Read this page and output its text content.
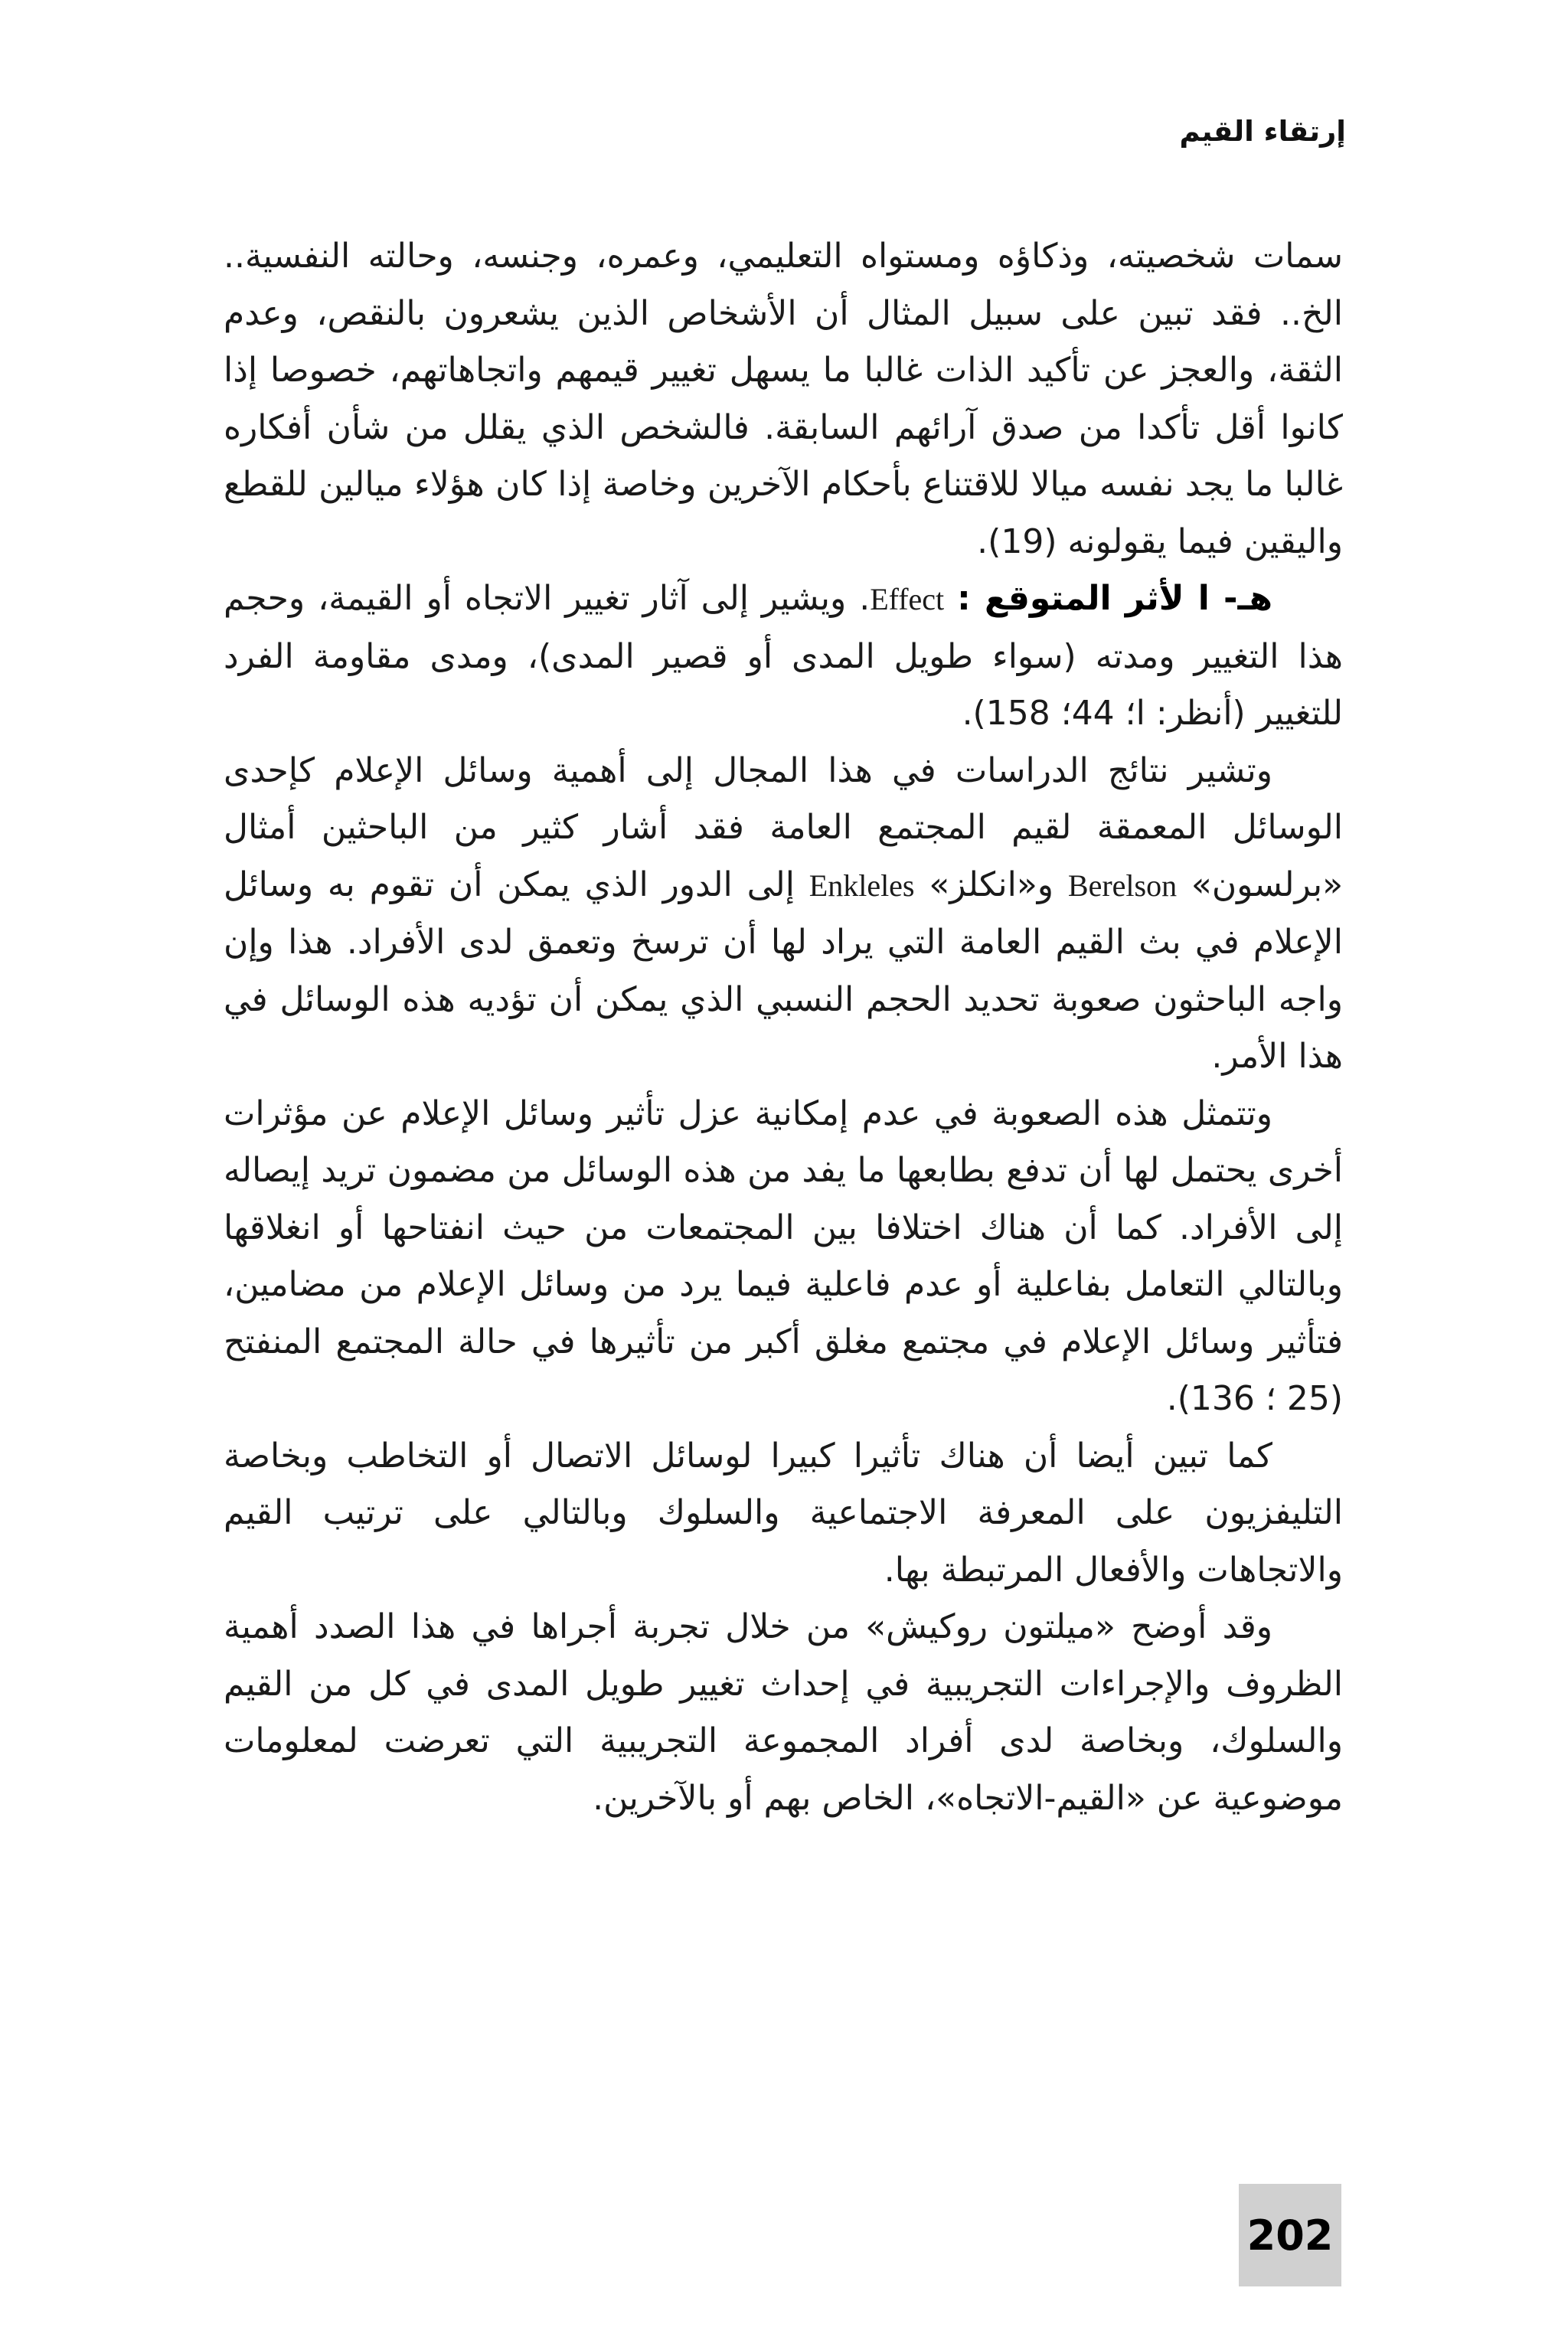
إرتقاء القيم

سمات شخصيته، وذكاؤه ومستواه التعليمي، وعمره، وجنسه، وحالته النفسية.. الخ.. فقد تبين على سبيل المثال أن الأشخاص الذين يشعرون بالنقص، وعدم الثقة، والعجز عن تأكيد الذات غالبا ما يسهل تغيير قيمهم واتجاهاتهم، خصوصا إذا كانوا أقل تأكدا من صدق آرائهم السابقة. فالشخص الذي يقلل من شأن أفكاره غالبا ما يجد نفسه ميالا للاقتناع بأحكام الآخرين وخاصة إذا كان هؤلاء ميالين للقطع واليقين فيما يقولونه (19).

هـ- ا لأثر المتوقع : Effect. ويشير إلى آثار تغيير الاتجاه أو القيمة، وحجم هذا التغيير ومدته (سواء طويل المدى أو قصير المدى)، ومدى مقاومة الفرد للتغيير (أنظر: ا؛ 44؛ 158).

وتشير نتائج الدراسات في هذا المجال إلى أهمية وسائل الإعلام كإحدى الوسائل المعمقة لقيم المجتمع العامة فقد أشار كثير من الباحثين أمثال «برلسون» Berelson و«انكلز» Enkleles إلى الدور الذي يمكن أن تقوم به وسائل الإعلام في بث القيم العامة التي يراد لها أن ترسخ وتعمق لدى الأفراد. هذا وإن واجه الباحثون صعوبة تحديد الحجم النسبي الذي يمكن أن تؤديه هذه الوسائل في هذا الأمر.

وتتمثل هذه الصعوبة في عدم إمكانية عزل تأثير وسائل الإعلام عن مؤثرات أخرى يحتمل لها أن تدفع بطابعها ما يفد من هذه الوسائل من مضمون تريد إيصاله إلى الأفراد. كما أن هناك اختلافا بين المجتمعات من حيث انفتاحها أو انغلاقها وبالتالي التعامل بفاعلية أو عدم فاعلية فيما يرد من وسائل الإعلام من مضامين، فتأثير وسائل الإعلام في مجتمع مغلق أكبر من تأثيرها في حالة المجتمع المنفتح (25 ؛ 136).

كما تبين أيضا أن هناك تأثيرا كبيرا لوسائل الاتصال أو التخاطب وبخاصة التليفزيون على المعرفة الاجتماعية والسلوك وبالتالي على ترتيب القيم والاتجاهات والأفعال المرتبطة بها.

وقد أوضح «ميلتون روكيش» من خلال تجربة أجراها في هذا الصدد أهمية الظروف والإجراءات التجريبية في إحداث تغيير طويل المدى في كل من القيم والسلوك، وبخاصة لدى أفراد المجموعة التجريبية التي تعرضت لمعلومات موضوعية عن «القيم-الاتجاه»، الخاص بهم أو بالآخرين.

202
